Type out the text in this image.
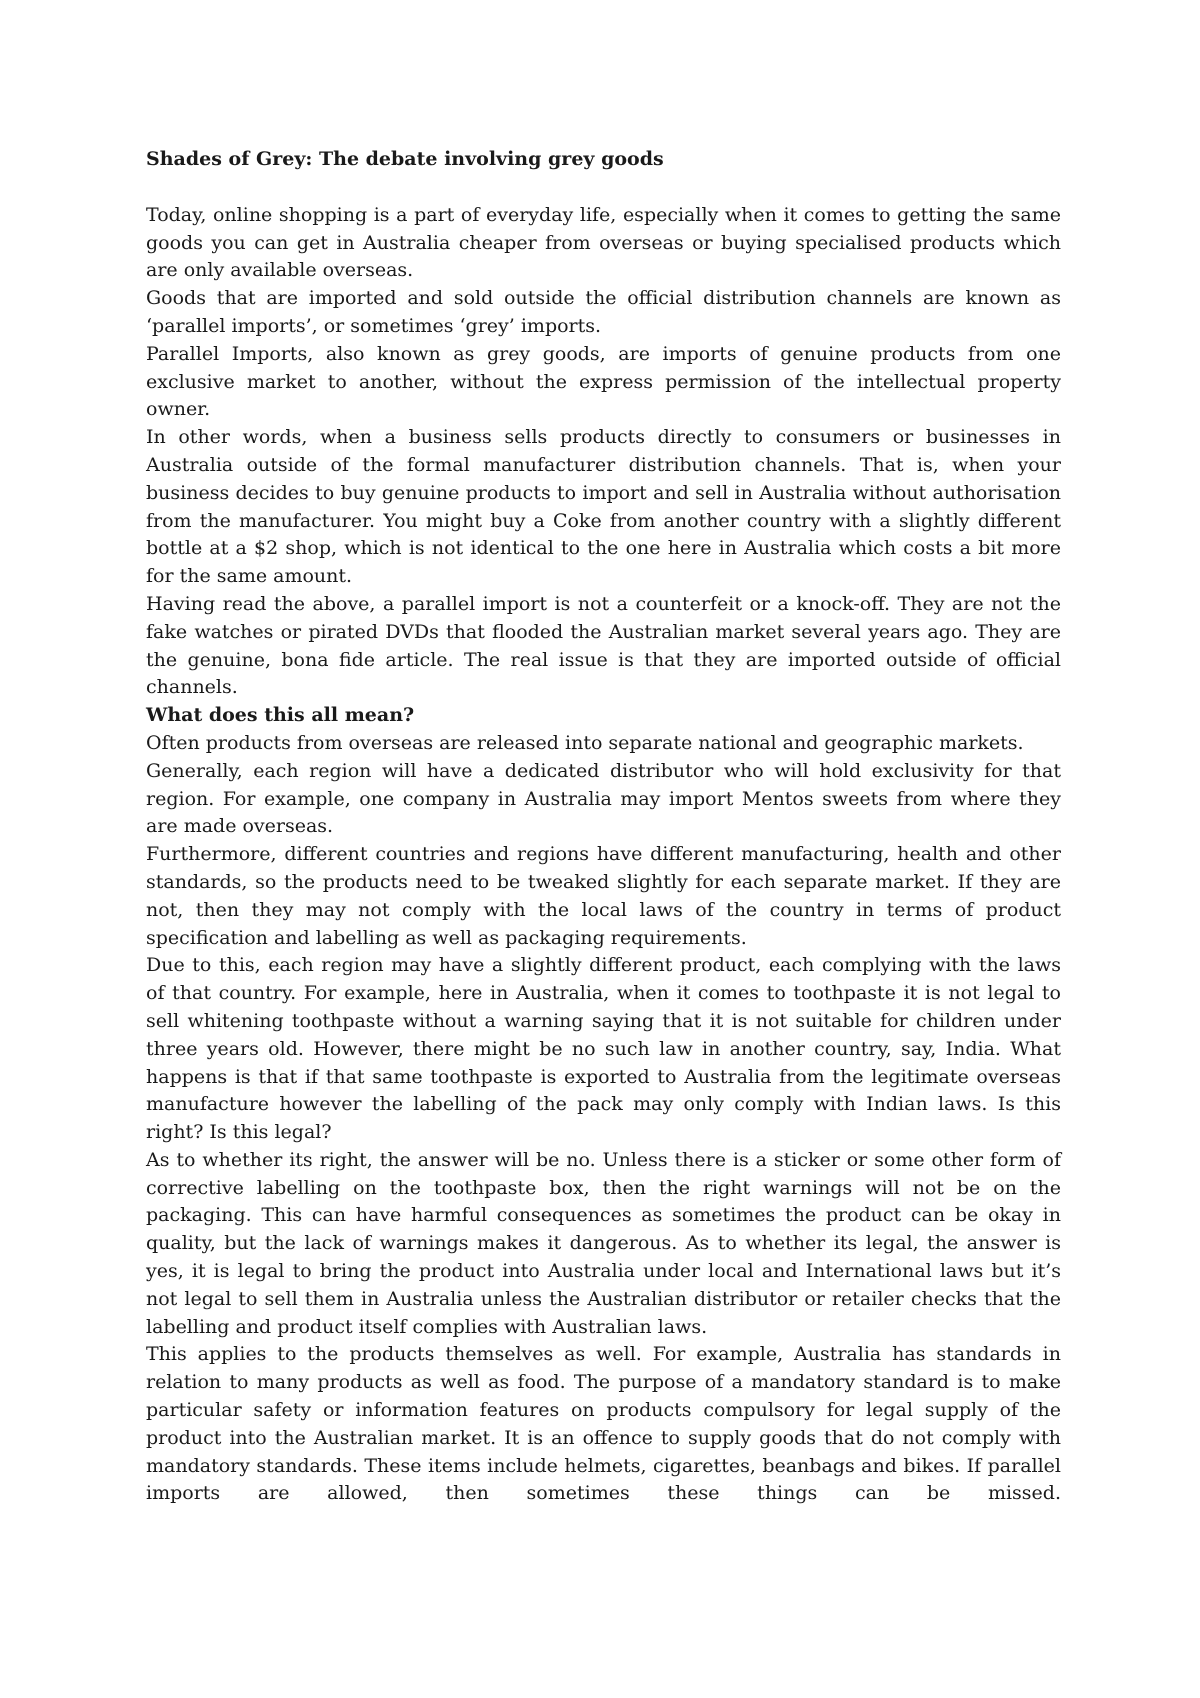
Shades of Grey: The debate involving grey goods

Today, online shopping is a part of everyday life, especially when it comes to getting the same goods you can get in Australia cheaper from overseas or buying specialised products which are only available overseas.

Goods that are imported and sold outside the official distribution channels are known as ‘parallel imports’, or sometimes ‘grey’ imports.

Parallel Imports, also known as grey goods, are imports of genuine products from one exclusive market to another, without the express permission of the intellectual property owner.

In other words, when a business sells products directly to consumers or businesses in Australia outside of the formal manufacturer distribution channels. That is, when your business decides to buy genuine products to import and sell in Australia without authorisation from the manufacturer. You might buy a Coke from another country with a slightly different bottle at a $2 shop, which is not identical to the one here in Australia which costs a bit more for the same amount.

Having read the above, a parallel import is not a counterfeit or a knock-off. They are not the fake watches or pirated DVDs that flooded the Australian market several years ago. They are the genuine, bona fide article. The real issue is that they are imported outside of official channels.

What does this all mean?

Often products from overseas are released into separate national and geographic markets.

Generally, each region will have a dedicated distributor who will hold exclusivity for that region. For example, one company in Australia may import Mentos sweets from where they are made overseas.

Furthermore, different countries and regions have different manufacturing, health and other standards, so the products need to be tweaked slightly for each separate market. If they are not, then they may not comply with the local laws of the country in terms of product specification and labelling as well as packaging requirements.

Due to this, each region may have a slightly different product, each complying with the laws of that country. For example, here in Australia, when it comes to toothpaste it is not legal to sell whitening toothpaste without a warning saying that it is not suitable for children under three years old. However, there might be no such law in another country, say, India. What happens is that if that same toothpaste is exported to Australia from the legitimate overseas manufacture however the labelling of the pack may only comply with Indian laws. Is this right? Is this legal?

As to whether its right, the answer will be no. Unless there is a sticker or some other form of corrective labelling on the toothpaste box, then the right warnings will not be on the packaging. This can have harmful consequences as sometimes the product can be okay in quality, but the lack of warnings makes it dangerous. As to whether its legal, the answer is yes, it is legal to bring the product into Australia under local and International laws but it’s not legal to sell them in Australia unless the Australian distributor or retailer checks that the labelling and product itself complies with Australian laws.

This applies to the products themselves as well. For example, Australia has standards in relation to many products as well as food. The purpose of a mandatory standard is to make particular safety or information features on products compulsory for legal supply of the product into the Australian market. It is an offence to supply goods that do not comply with mandatory standards. These items include helmets, cigarettes, beanbags and bikes. If parallel imports are allowed, then sometimes these things can be missed.
